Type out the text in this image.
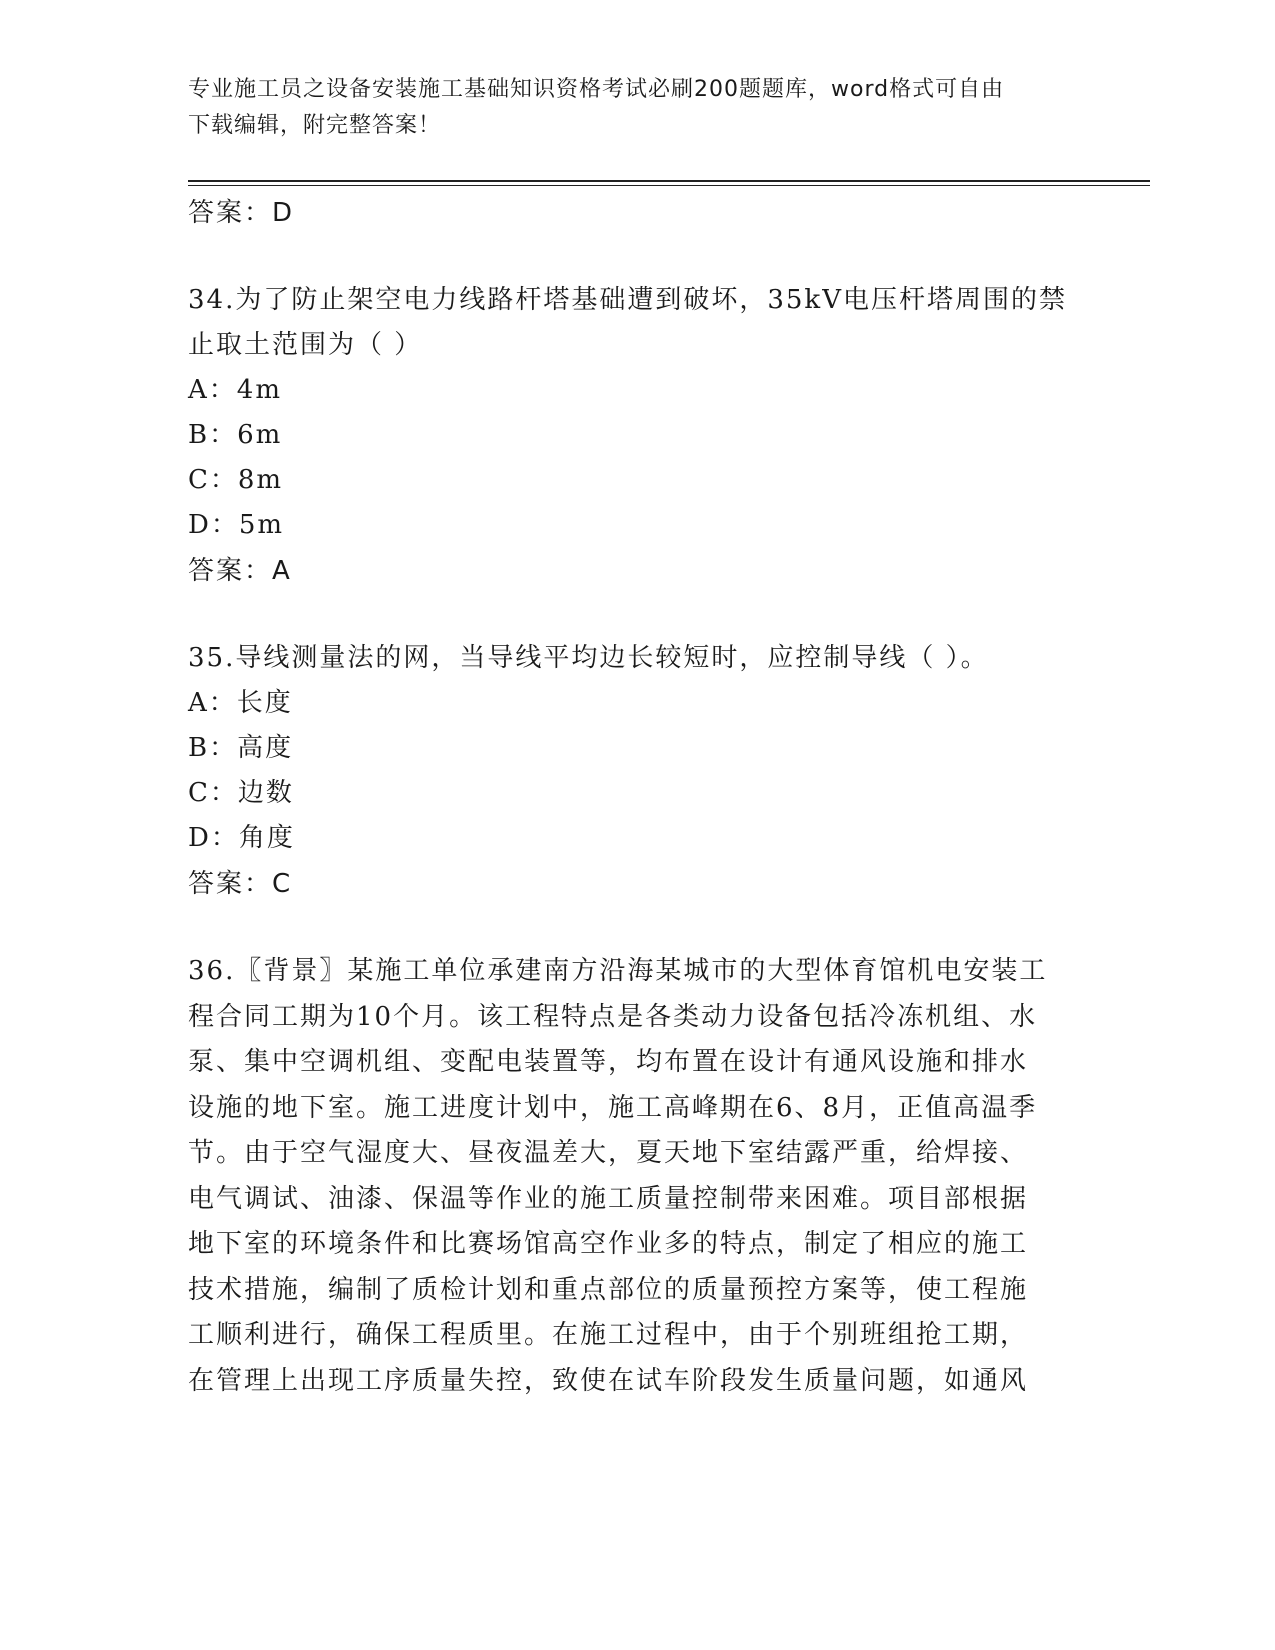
专业施工员之设备安装施工基础知识资格考试必刷200题题库，word格式可自由
下载编辑，附完整答案！
答案：D
34.为了防止架空电力线路杆塔基础遭到破坏，35kV电压杆塔周围的禁
止取土范围为（ ）
A：4m
B：6m
C：8m
D：5m
答案：A
35.导线测量法的网，当导线平均边长较短时，应控制导线（ ）。
A：长度
B：高度
C：边数
D：角度
答案：C
36.〖背景〗某施工单位承建南方沿海某城市的大型体育馆机电安装工
程合同工期为10个月。该工程特点是各类动力设备包括冷冻机组、水
泵、集中空调机组、变配电装置等，均布置在设计有通风设施和排水
设施的地下室。施工进度计划中，施工高峰期在6、8月，正值高温季
节。由于空气湿度大、昼夜温差大，夏天地下室结露严重，给焊接、
电气调试、油漆、保温等作业的施工质量控制带来困难。项目部根据
地下室的环境条件和比赛场馆高空作业多的特点，制定了相应的施工
技术措施，编制了质检计划和重点部位的质量预控方案等，使工程施
工顺利进行，确保工程质里。在施工过程中，由于个别班组抢工期，
在管理上出现工序质量失控，致使在试车阶段发生质量问题，如通风
